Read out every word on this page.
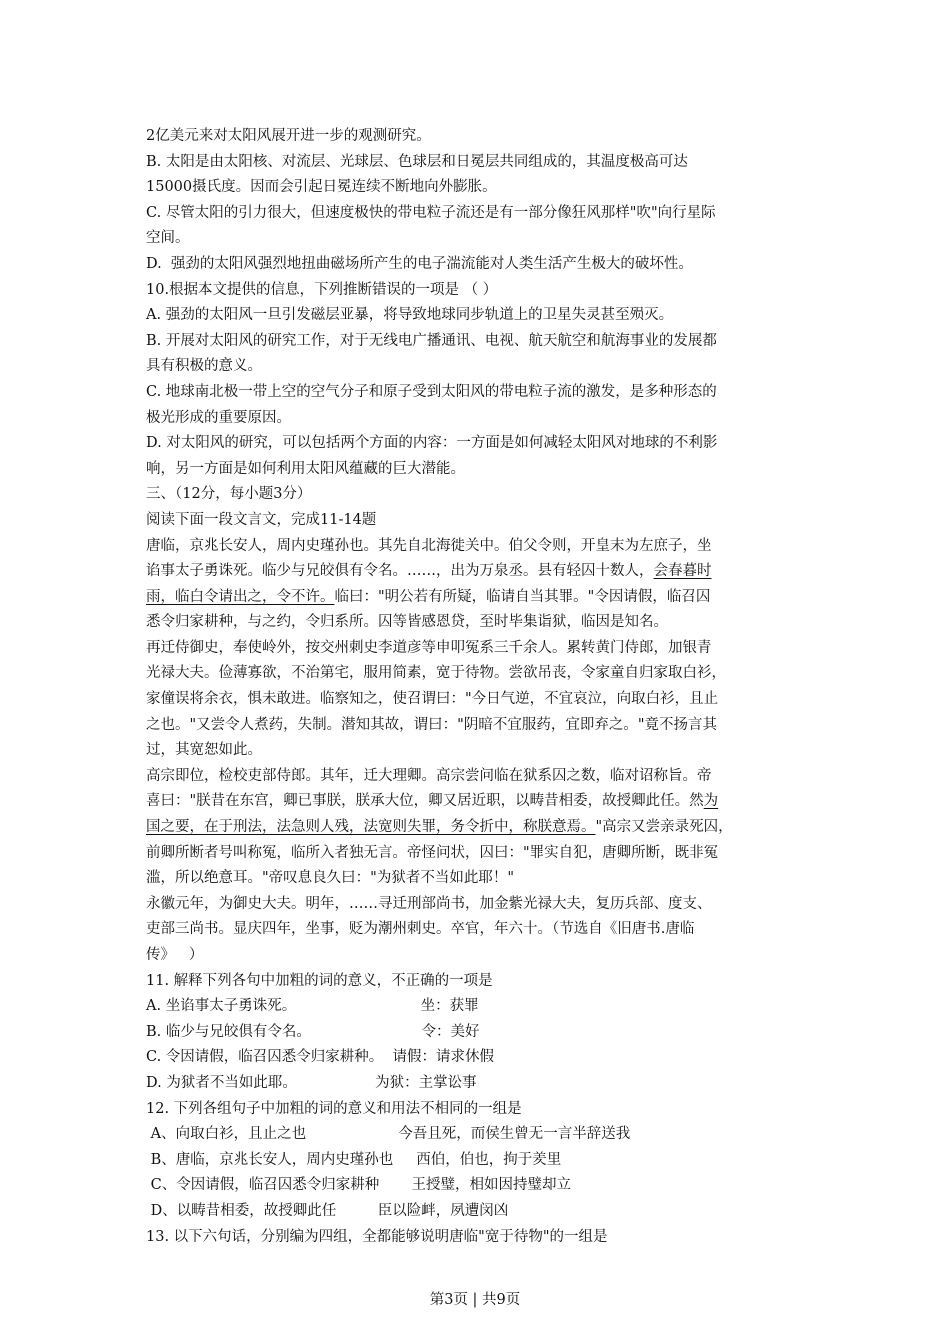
2亿美元来对太阳风展开进一步的观测研究。
B. 太阳是由太阳核、对流层、光球层、色球层和日冕层共同组成的，其温度极高可达
15000摄氏度。因而会引起日冕连续不断地向外膨胀。
C. 尽管太阳的引力很大，但速度极快的带电粒子流还是有一部分像狂风那样"吹"向行星际
空间。
D.  强劲的太阳风强烈地扭曲磁场所产生的电子湍流能对人类生活产生极大的破坏性。
10.根据本文提供的信息，下列推断错误的一项是 （ ）
A. 强劲的太阳风一旦引发磁层亚暴，将导致地球同步轨道上的卫星失灵甚至殒灭。
B. 开展对太阳风的研究工作，对于无线电广播通讯、电视、航天航空和航海事业的发展都
具有积极的意义。
C. 地球南北极一带上空的空气分子和原子受到太阳风的带电粒子流的激发，是多种形态的
极光形成的重要原因。
D. 对太阳风的研究，可以包括两个方面的内容：一方面是如何减轻太阳风对地球的不利影
响，另一方面是如何利用太阳风蕴藏的巨大潜能。
三、（12分，每小题3分）
阅读下面一段文言文，完成11-14题
唐临，京兆长安人，周内史瑾孙也。其先自北海徙关中。伯父令则，开皇末为左庶子，坐
谄事太子勇诛死。临少与兄皎俱有令名。……，出为万泉丞。县有轻囚十数人，会春暮时
雨，临白令请出之，令不许。临曰："明公若有所疑，临请自当其罪。"令因请假，临召囚
悉令归家耕种，与之约，令归系所。囚等皆感恩贷，至时毕集诣狱，临因是知名。
再迁侍御史，奉使岭外，按交州刺史李道彦等申叩冤系三千余人。累转黄门侍郎，加银青
光禄大夫。俭薄寡欲，不治第宅，服用简素，宽于待物。尝欲吊丧，令家童自归家取白衫，
家僮误将余衣，惧未敢进。临察知之，使召谓曰："今日气逆，不宜哀泣，向取白衫，且止
之也。"又尝令人煮药，失制。潜知其故，谓曰："阴暗不宜服药，宜即弃之。"竟不扬言其
过，其宽恕如此。
高宗即位，检校吏部侍郎。其年，迁大理卿。高宗尝问临在狱系囚之数，临对诏称旨。帝
喜曰："朕昔在东宫，卿已事朕，朕承大位，卿又居近职，以畴昔相委，故授卿此任。然为
国之要，在于刑法，法急则人残，法宽则失罪，务令折中，称朕意焉。"高宗又尝亲录死囚，
前卿所断者号叫称冤，临所入者独无言。帝怪问状，囚曰："罪实自犯，唐卿所断，既非冤
滥，所以绝意耳。"帝叹息良久曰："为狱者不当如此耶！"
永徽元年，为御史大夫。明年，……寻迁刑部尚书，加金紫光禄大夫，复历兵部、度支、
吏部三尚书。显庆四年，坐事，贬为潮州刺史。卒官，年六十。（节选自《旧唐书.唐临
传》   ）
11. 解释下列各句中加粗的词的意义，不正确的一项是
A. 坐谄事太子勇诛死。                           坐：获罪
B. 临少与兄皎俱有令名。                        令：美好
C. 令因请假，临召囚悉令归家耕种。  请假：请求休假
D. 为狱者不当如此耶。                 为狱：主掌讼事
12. 下列各组句子中加粗的词的意义和用法不相同的一组是
A、向取白衫，且止之也                    今吾且死，而侯生曾无一言半辞送我
B、唐临，京兆长安人，周内史瑾孙也     西伯，伯也，拘于羑里
C、令因请假，临召囚悉令归家耕种       王授璧，相如因持璧却立
D、以畴昔相委，故授卿此任         臣以险衅，夙遭闵凶
13. 以下六句话，分别编为四组，全都能够说明唐临"宽于待物"的一组是
第3页 | 共9页
